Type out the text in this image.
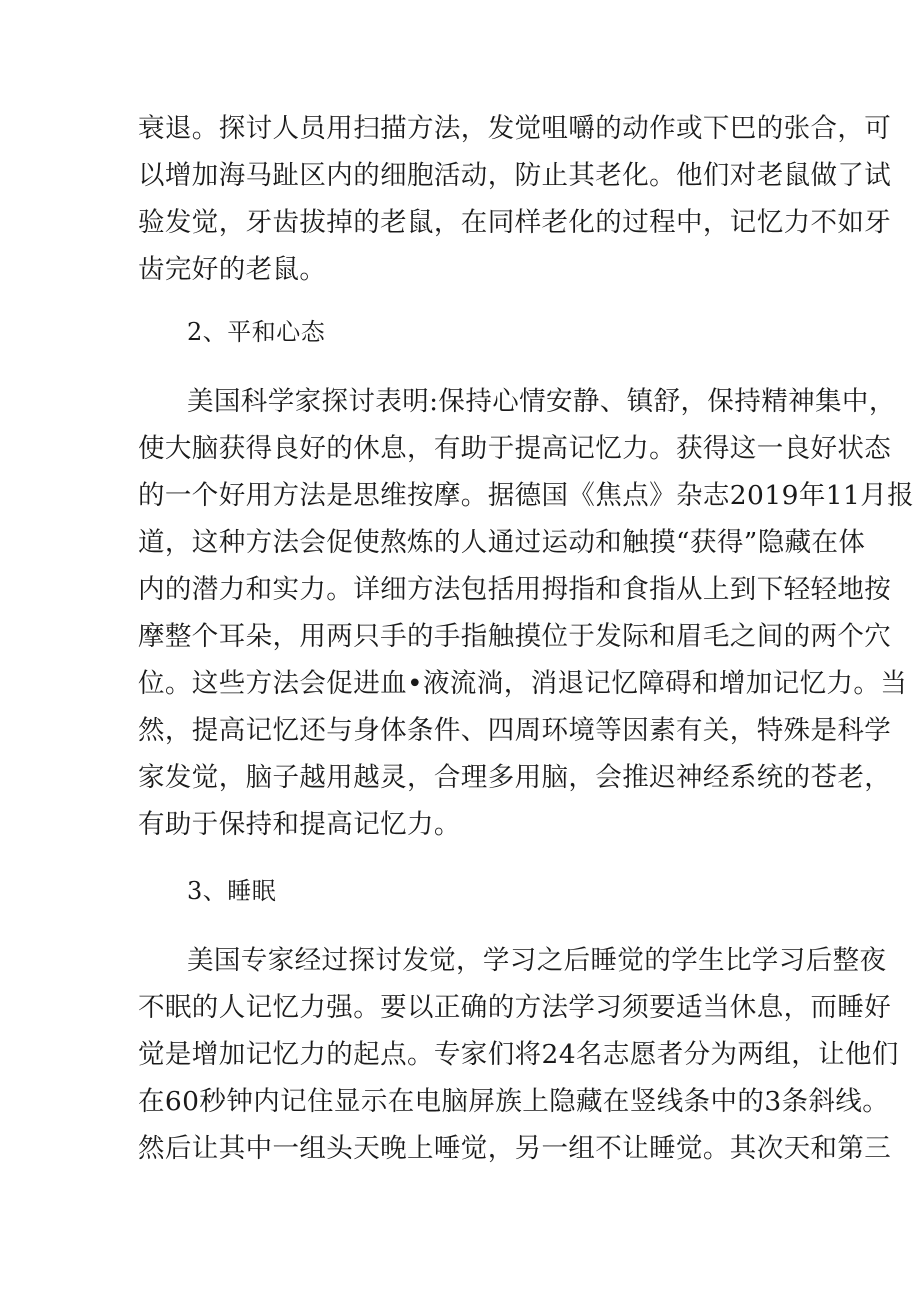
衰退。探讨人员用扫描方法，发觉咀嚼的动作或下巴的张合，可
以增加海马趾区内的细胞活动，防止其老化。他们对老鼠做了试
验发觉，牙齿拔掉的老鼠，在同样老化的过程中，记忆力不如牙
齿完好的老鼠。
2、平和心态
美国科学家探讨表明:保持心情安静、镇舒，保持精神集中，
使大脑获得良好的休息，有助于提高记忆力。获得这一良好状态
的一个好用方法是思维按摩。据德国《焦点》杂志2019年11月报
道，这种方法会促使熬炼的人通过运动和触摸“获得”隐藏在体
内的潜力和实力。详细方法包括用拇指和食指从上到下轻轻地按
摩整个耳朵，用两只手的手指触摸位于发际和眉毛之间的两个穴
位。这些方法会促进血•液流淌，消退记忆障碍和增加记忆力。当
然，提高记忆还与身体条件、四周环境等因素有关，特殊是科学
家发觉，脑子越用越灵，合理多用脑，会推迟神经系统的苍老，
有助于保持和提高记忆力。
3、睡眠
美国专家经过探讨发觉，学习之后睡觉的学生比学习后整夜
不眠的人记忆力强。要以正确的方法学习须要适当休息，而睡好
觉是增加记忆力的起点。专家们将24名志愿者分为两组，让他们
在60秒钟内记住显示在电脑屏族上隐藏在竖线条中的3条斜线。
然后让其中一组头天晚上唾觉，另一组不让睡觉。其次天和第三
